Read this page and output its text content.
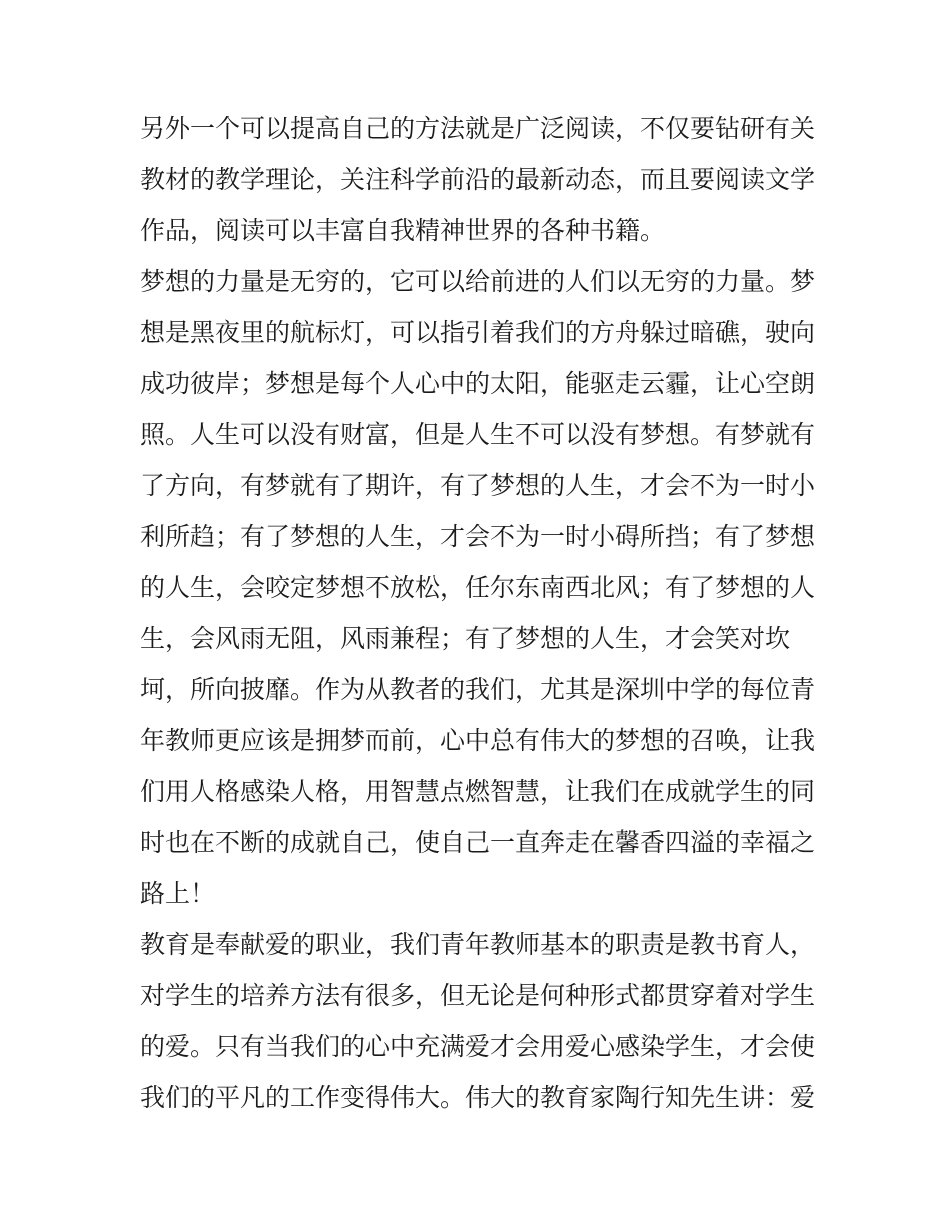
另外一个可以提高自己的方法就是广泛阅读，不仅要钻研有关
教材的教学理论，关注科学前沿的最新动态，而且要阅读文学
作品，阅读可以丰富自我精神世界的各种书籍。
梦想的力量是无穷的，它可以给前进的人们以无穷的力量。梦
想是黑夜里的航标灯，可以指引着我们的方舟躲过暗礁，驶向
成功彼岸；梦想是每个人心中的太阳，能驱走云霾，让心空朗
照。人生可以没有财富，但是人生不可以没有梦想。有梦就有
了方向，有梦就有了期许，有了梦想的人生，才会不为一时小
利所趋；有了梦想的人生，才会不为一时小碍所挡；有了梦想
的人生，会咬定梦想不放松，任尔东南西北风；有了梦想的人
生，会风雨无阻，风雨兼程；有了梦想的人生，才会笑对坎
坷，所向披靡。作为从教者的我们，尤其是深圳中学的每位青
年教师更应该是拥梦而前，心中总有伟大的梦想的召唤，让我
们用人格感染人格，用智慧点燃智慧，让我们在成就学生的同
时也在不断的成就自己，使自己一直奔走在馨香四溢的幸福之
路上！
教育是奉献爱的职业，我们青年教师基本的职责是教书育人，
对学生的培养方法有很多，但无论是何种形式都贯穿着对学生
的爱。只有当我们的心中充满爱才会用爱心感染学生，才会使
我们的平凡的工作变得伟大。伟大的教育家陶行知先生讲：爱
